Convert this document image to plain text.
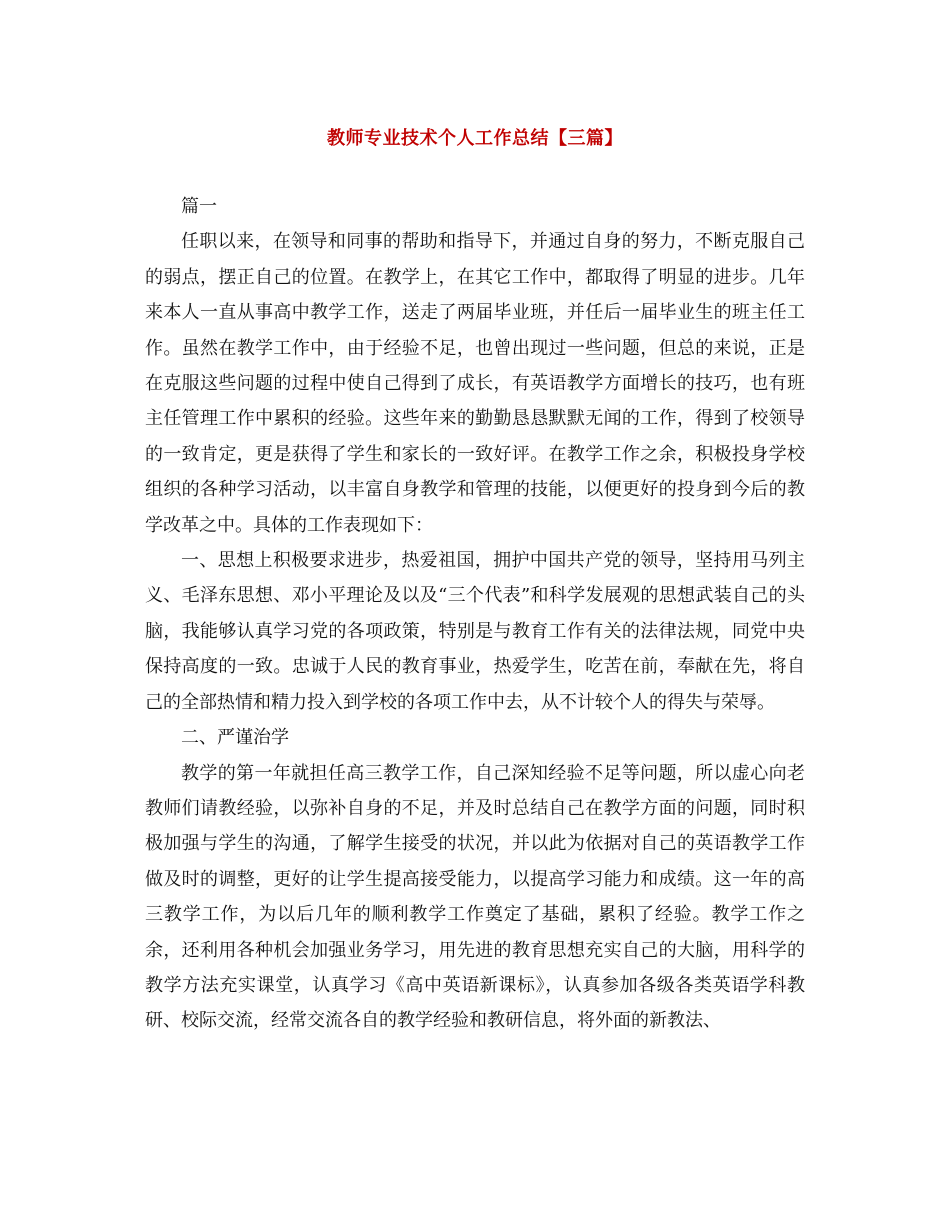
教师专业技术个人工作总结【三篇】

篇一

任职以来，在领导和同事的帮助和指导下，并通过自身的努力，不断克服自己的弱点，摆正自己的位置。在教学上，在其它工作中，都取得了明显的进步。几年来本人一直从事高中教学工作，送走了两届毕业班，并任后一届毕业生的班主任工作。虽然在教学工作中，由于经验不足，也曾出现过一些问题，但总的来说，正是在克服这些问题的过程中使自己得到了成长，有英语教学方面增长的技巧，也有班主任管理工作中累积的经验。这些年来的勤勤恳恳默默无闻的工作，得到了校领导的一致肯定，更是获得了学生和家长的一致好评。在教学工作之余，积极投身学校组织的各种学习活动，以丰富自身教学和管理的技能，以便更好的投身到今后的教学改革之中。具体的工作表现如下：

一、思想上积极要求进步，热爱祖国，拥护中国共产党的领导，坚持用马列主义、毛泽东思想、邓小平理论及以及“三个代表”和科学发展观的思想武装自己的头脑，我能够认真学习党的各项政策，特别是与教育工作有关的法律法规，同党中央保持高度的一致。忠诚于人民的教育事业，热爱学生，吃苦在前，奉献在先，将自己的全部热情和精力投入到学校的各项工作中去，从不计较个人的得失与荣辱。

二、严谨治学

教学的第一年就担任高三教学工作，自己深知经验不足等问题，所以虚心向老教师们请教经验，以弥补自身的不足，并及时总结自己在教学方面的问题，同时积极加强与学生的沟通，了解学生接受的状况，并以此为依据对自己的英语教学工作做及时的调整，更好的让学生提高接受能力，以提高学习能力和成绩。这一年的高三教学工作，为以后几年的顺利教学工作奠定了基础，累积了经验。教学工作之余，还利用各种机会加强业务学习，用先进的教育思想充实自己的大脑，用科学的教学方法充实课堂，认真学习《高中英语新课标》，认真参加各级各类英语学科教研、校际交流，经常交流各自的教学经验和教研信息，将外面的新教法、
